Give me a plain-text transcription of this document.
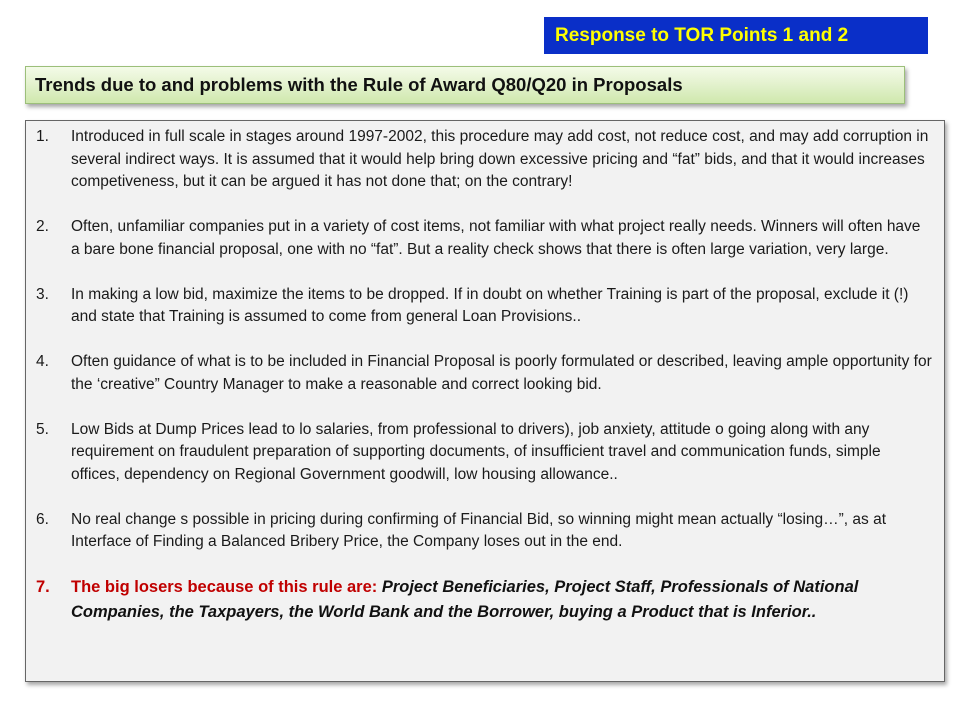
Response to TOR Points 1 and 2
Trends due to and problems with the Rule of Award Q80/Q20 in Proposals
1.	Introduced in full scale in stages around 1997-2002, this procedure may add cost, not reduce cost, and may add corruption in several indirect ways. It is assumed that it would help bring down excessive pricing and “fat” bids, and that it would increases competiveness, but it can be argued it has not done that; on the contrary!
2.	Often, unfamiliar companies put in a variety of cost items, not familiar with what project really needs. Winners will often have a bare bone financial proposal, one with no “fat”. But a reality check shows that there is often large variation, very large.
3.	In making a low bid, maximize the items to be dropped. If in doubt on whether Training is part of the proposal, exclude it (!) and state that Training is assumed to come from general Loan Provisions..
4.	Often guidance of what is to be included in Financial Proposal is poorly formulated or described, leaving ample opportunity for the ‘creative” Country Manager to make a reasonable and correct looking bid.
5.	Low Bids at Dump Prices lead to lo salaries, from professional to drivers), job anxiety, attitude o going along with any requirement on fraudulent preparation of supporting documents, of insufficient travel and communication funds, simple offices, dependency on Regional Government goodwill, low housing allowance..
6.	No real change s possible in pricing during confirming of Financial Bid, so winning might mean actually “losing…”, as at Interface of Finding a Balanced Bribery Price, the Company loses out in the end.
7.	The big losers because of this rule are: Project Beneficiaries, Project Staff, Professionals of National Companies, the Taxpayers, the World Bank and the Borrower, buying a Product that is Inferior..
